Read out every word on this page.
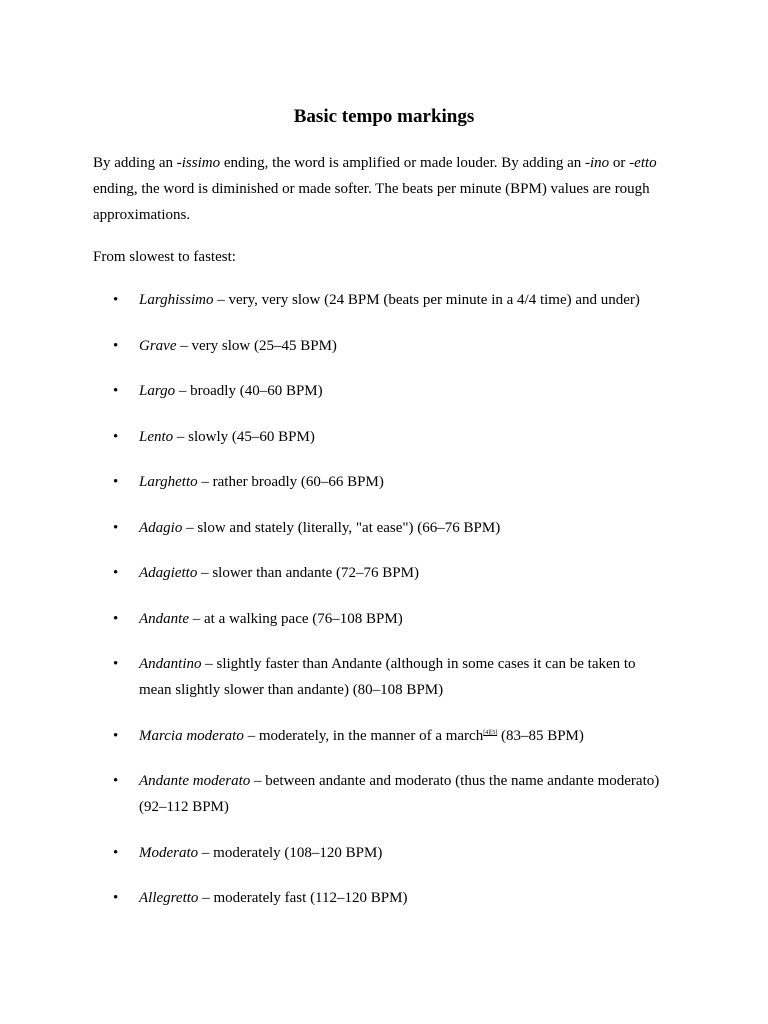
Basic tempo markings
By adding an -issimo ending, the word is amplified or made louder. By adding an -ino or -etto ending, the word is diminished or made softer. The beats per minute (BPM) values are rough approximations.
From slowest to fastest:
• Larghissimo – very, very slow (24 BPM (beats per minute in a 4/4 time) and under)
• Grave – very slow (25–45 BPM)
• Largo – broadly (40–60 BPM)
• Lento – slowly (45–60 BPM)
• Larghetto – rather broadly (60–66 BPM)
• Adagio – slow and stately (literally, "at ease") (66–76 BPM)
• Adagietto – slower than andante (72–76 BPM)
• Andante – at a walking pace (76–108 BPM)
• Andantino – slightly faster than Andante (although in some cases it can be taken to mean slightly slower than andante) (80–108 BPM)
• Marcia moderato – moderately, in the manner of a march[4][5] (83–85 BPM)
• Andante moderato – between andante and moderato (thus the name andante moderato) (92–112 BPM)
• Moderato – moderately (108–120 BPM)
• Allegretto – moderately fast (112–120 BPM)
